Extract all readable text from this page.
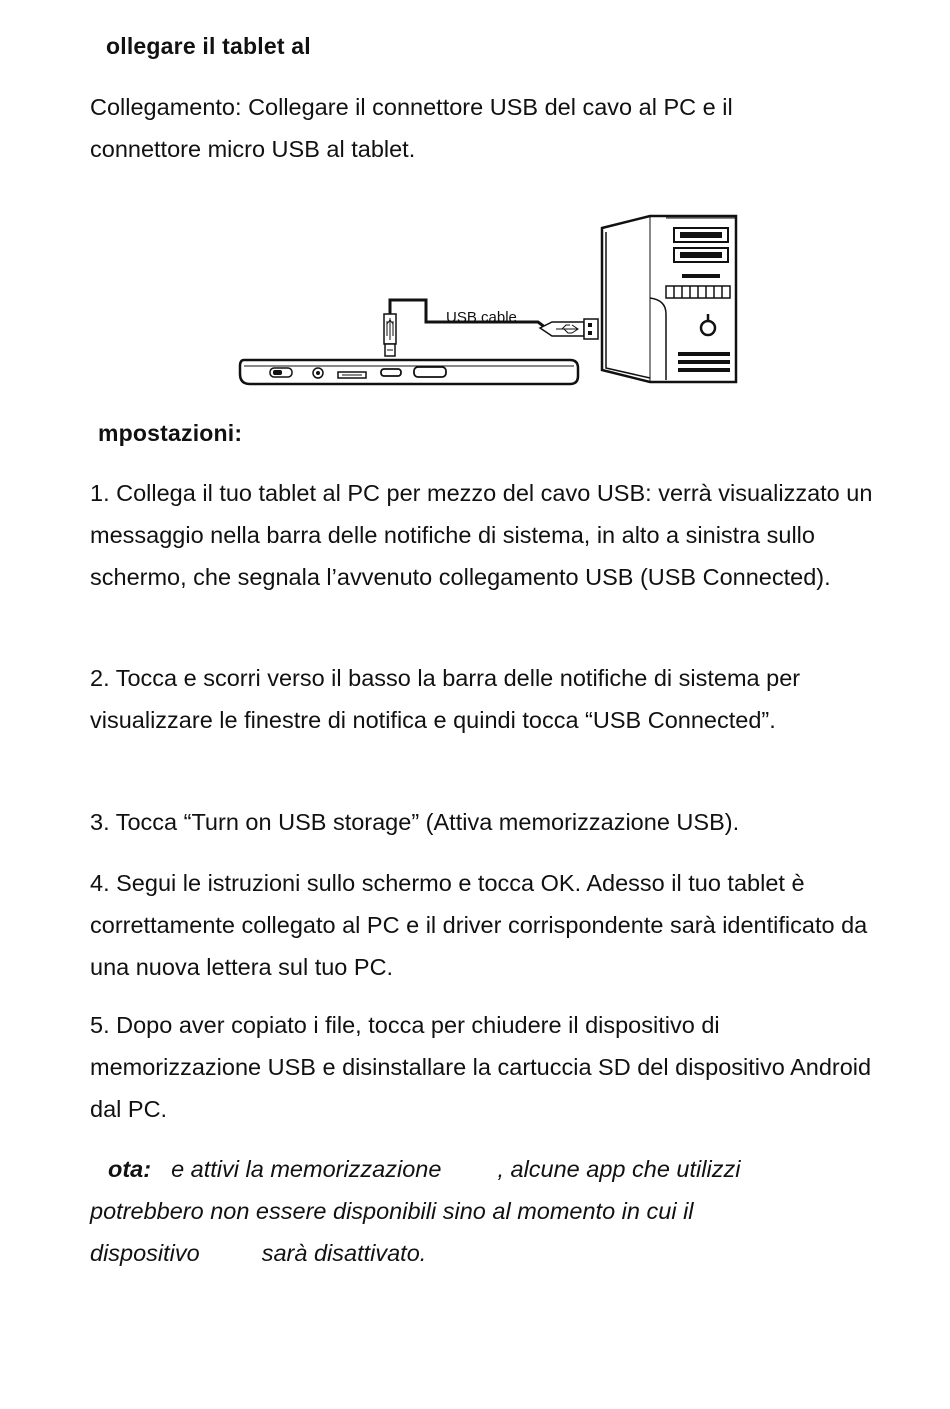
ollegare il tablet al

Collegamento: Collegare il connettore USB del cavo al PC e il connettore micro USB al tablet.

USB cable
mpostazioni:

1. Collega il tuo tablet al PC per mezzo del cavo USB: verrà visualizzato un messaggio nella barra delle notifiche di sistema, in alto a sinistra sullo schermo, che segnala l’avvenuto collegamento USB (USB Connected).

2. Tocca e scorri verso il basso la barra delle notifiche di sistema per visualizzare le finestre di notifica e quindi tocca “USB Connected”.

3. Tocca “Turn on USB storage” (Attiva memorizzazione USB).

4. Segui le istruzioni sullo schermo e tocca OK. Adesso il tuo tablet è correttamente collegato al PC e il driver corrispondente sarà identificato da una nuova lettera sul tuo PC.

5. Dopo aver copiato i file, tocca per chiudere il dispositivo di memorizzazione USB e disinstallare la cartuccia SD del dispositivo Android dal PC.

ota: e attivi la memorizzazione , alcune app che utilizzi
potrebbero non essere disponibili sino al momento in cui il
dispositivo	sarà disattivato.
